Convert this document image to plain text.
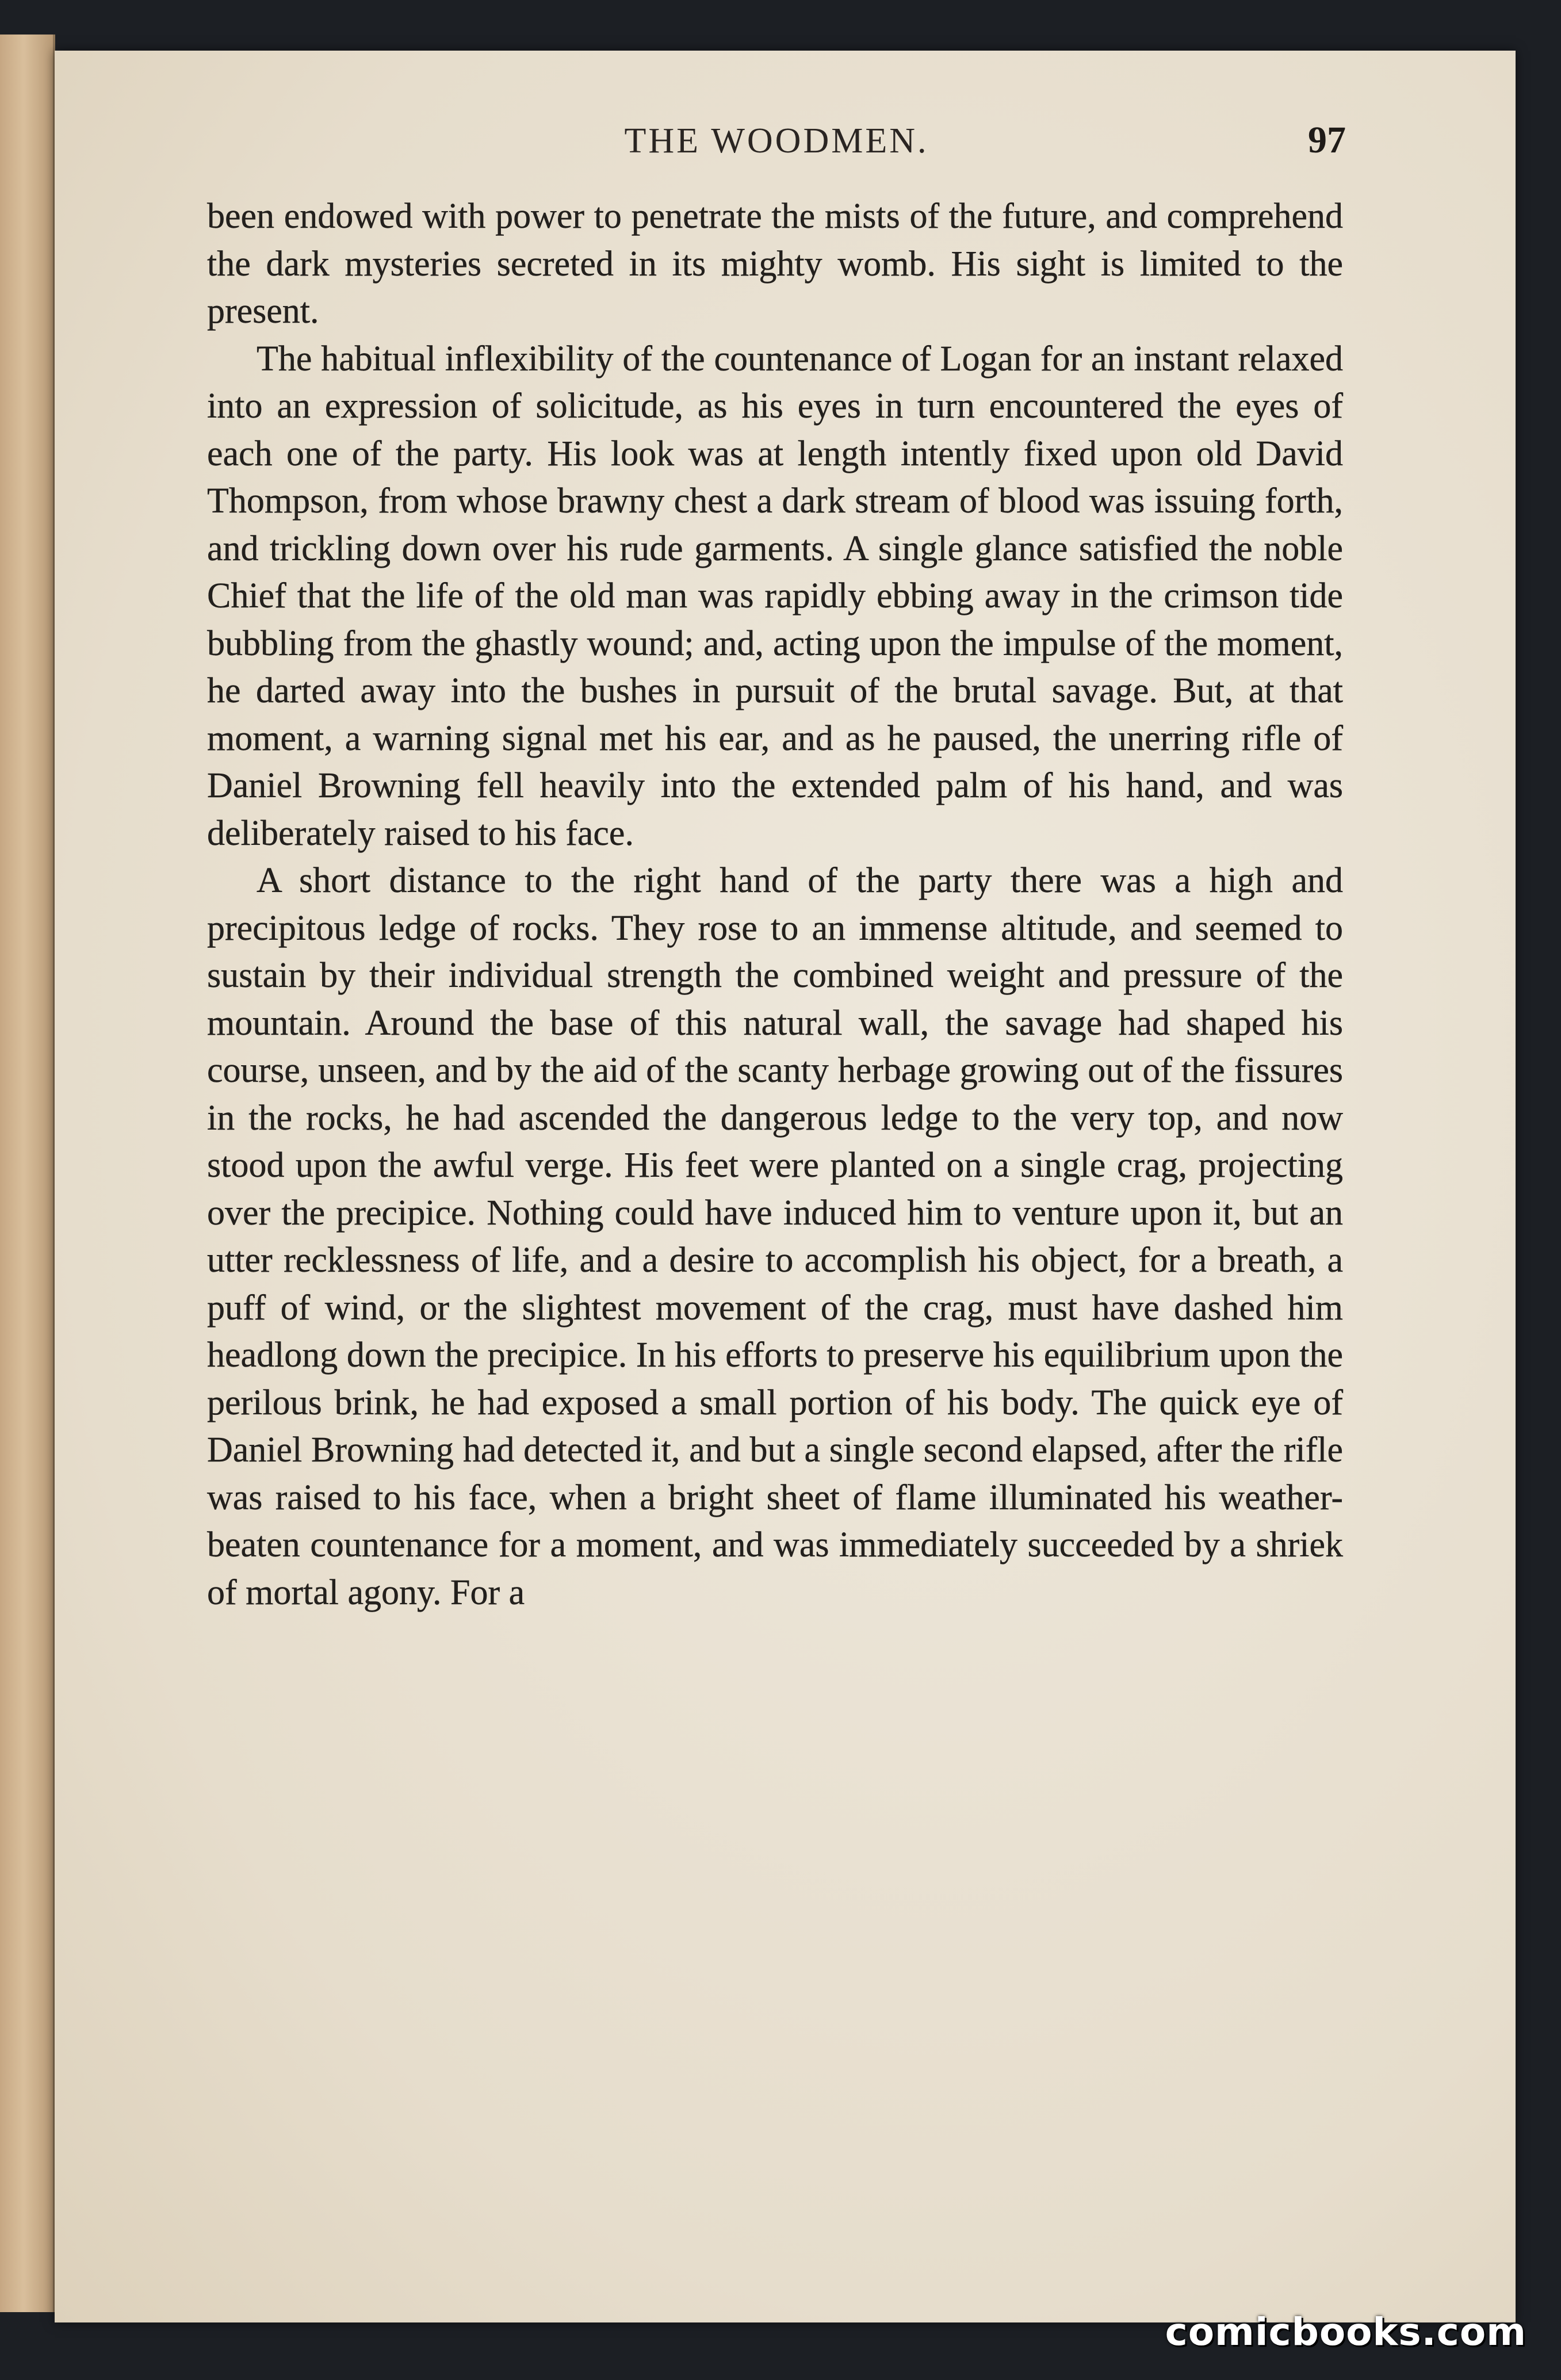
THE WOODMEN.	97

been endowed with power to penetrate the mists of the future, and comprehend the dark mysteries secreted in its mighty womb. His sight is limited to the present.

The habitual inflexibility of the countenance of Logan for an instant relaxed into an expression of solicitude, as his eyes in turn encountered the eyes of each one of the party. His look was at length intently fixed upon old David Thompson, from whose brawny chest a dark stream of blood was issuing forth, and trickling down over his rude garments. A single glance satisfied the noble Chief that the life of the old man was rapidly ebbing away in the crimson tide bubbling from the ghastly wound; and, acting upon the impulse of the moment, he darted away into the bushes in pursuit of the brutal savage. But, at that moment, a warning signal met his ear, and as he paused, the unerring rifle of Daniel Browning fell heavily into the extended palm of his hand, and was deliberately raised to his face.

A short distance to the right hand of the party there was a high and precipitous ledge of rocks. They rose to an immense altitude, and seemed to sustain by their individual strength the combined weight and pressure of the mountain. Around the base of this natural wall, the savage had shaped his course, unseen, and by the aid of the scanty herbage growing out of the fissures in the rocks, he had ascended the dangerous ledge to the very top, and now stood upon the awful verge. His feet were planted on a single crag, projecting over the precipice. Nothing could have induced him to venture upon it, but an utter recklessness of life, and a desire to accomplish his object, for a breath, a puff of wind, or the slightest movement of the crag, must have dashed him headlong down the precipice. In his efforts to preserve his equilibrium upon the perilous brink, he had exposed a small portion of his body. The quick eye of Daniel Browning had detected it, and but a single second elapsed, after the rifle was raised to his face, when a bright sheet of flame illuminated his weather-beaten countenance for a moment, and was immediately succeeded by a shriek of mortal agony. For a

comicbooks.com
